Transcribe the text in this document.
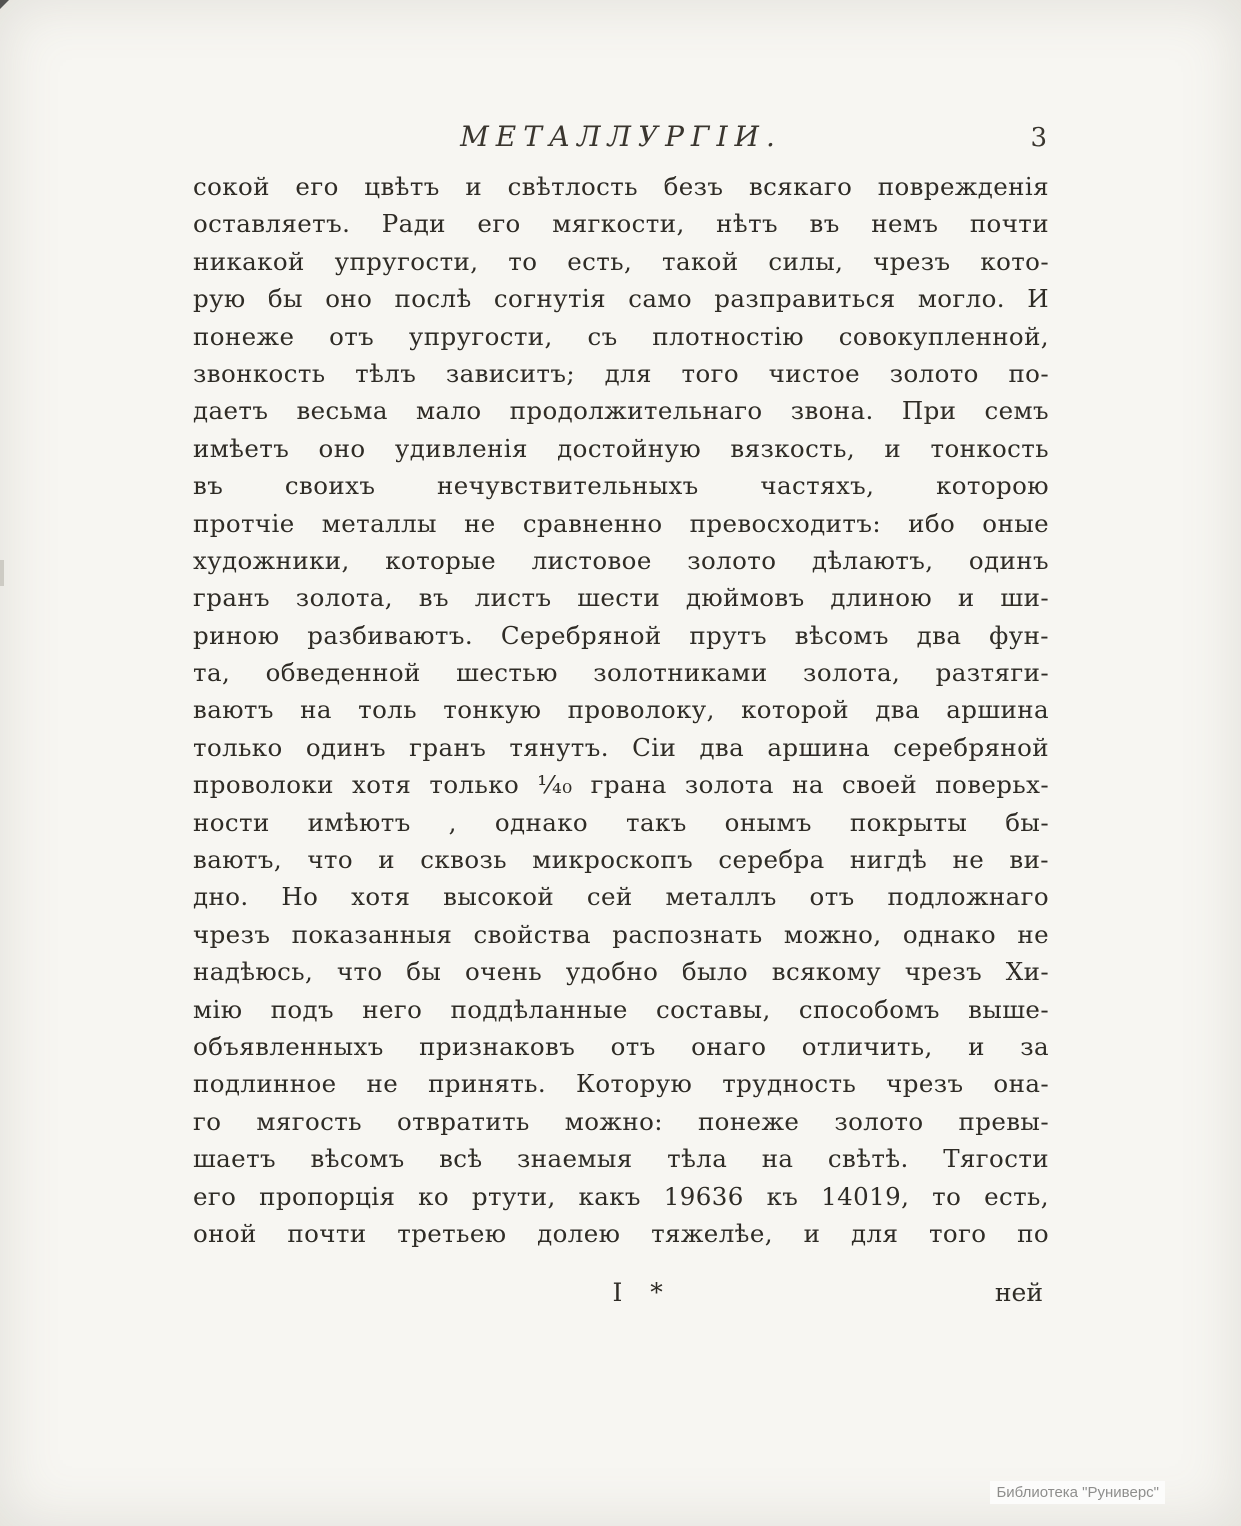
МЕТАЛЛУРГІИ.	3
сокой его цвѣтъ и свѣтлость безъ всякаго поврежденія
оставляетъ. Ради его мягкости, нѣтъ въ немъ почти
никакой упругости, то есть, такой силы, чрезъ кото-
рую бы оно послѣ согнутія само разправиться могло. И
понеже отъ упругости, съ плотностію совокупленной,
звонкость тѣлъ зависитъ; для того чистое золото по-
даетъ весьма мало продолжительнаго звона. При семъ
имѣетъ оно удивленія достойную вязкость, и тонкость
въ своихъ нечувствительныхъ частяхъ, которою
протчіе металлы не сравненно превосходитъ: ибо оные
художники, которые листовое золото дѣлаютъ, одинъ
гранъ золота, въ листъ шести дюймовъ длиною и ши-
риною разбиваютъ. Серебряной прутъ вѣсомъ два фун-
та, обведенной шестью золотниками золота, разтяги-
ваютъ на толь тонкую проволоку, которой два аршина
только одинъ гранъ тянутъ. Сіи два аршина серебряной
проволоки хотя только ¹⁄₄₀ грана золота на своей поверьх-
ности имѣютъ , однако такъ онымъ покрыты бы-
ваютъ, что и сквозь микроскопъ серебра нигдѣ не ви-
дно. Но хотя высокой сей металлъ отъ подложнаго
чрезъ показанныя свойства распознать можно, однако не
надѣюсь, что бы очень удобно было всякому чрезъ Хи-
мію подъ него поддѣланные составы, способомъ выше-
объявленныхъ признаковъ отъ онаго отличить, и за
подлинное не принять. Которую трудность чрезъ она-
го мягость отвратить можно: понеже золото превы-
шаетъ вѣсомъ всѣ знаемыя тѣла на свѣтѣ. Тягости
его пропорція ко ртути, какъ 19636 къ 14019, то есть,
оной почти третьею долею тяжелѣе, и для того по
I *	ней
Библиотека "Руниверс"
